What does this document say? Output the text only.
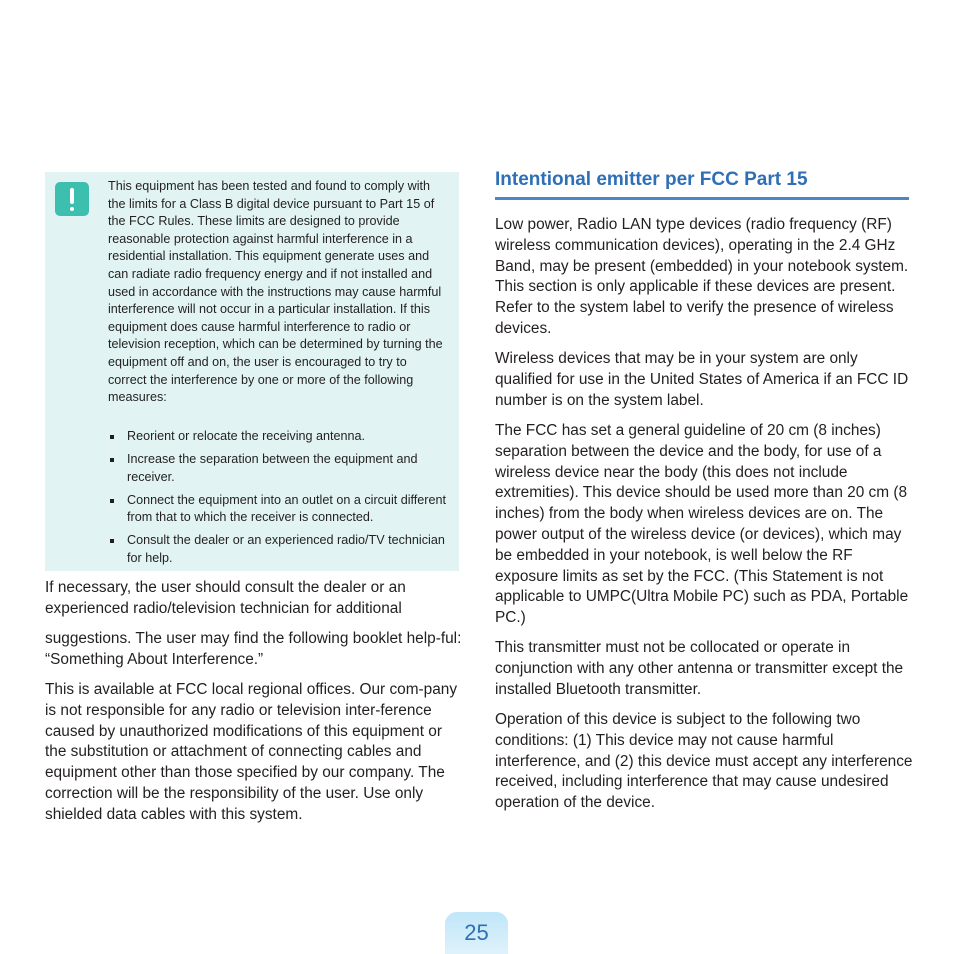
This equipment has been tested and found to comply with the limits for a Class B digital device pursuant to Part 15 of the FCC Rules. These limits are designed to provide reasonable protection against harmful interference in a residential installation. This equipment generate uses and can radiate radio frequency energy and if not installed and used in accordance with the instructions may cause harmful interference will not occur in a particular installation. If this equipment does cause harmful interference to radio or television reception, which can be determined by turning the equipment off and on, the user is encouraged to try to correct the interference by one or more of the following measures:

Reorient or relocate the receiving antenna.
Increase the separation between the equipment and receiver.
Connect the equipment into an outlet on a circuit different from that to which the receiver is connected.
Consult the dealer or an experienced radio/TV technician for help.

If necessary, the user should consult the dealer or an experienced radio/television technician for additional

suggestions. The user may find the following booklet help-ful: “Something About Interference.”

This is available at FCC local regional offices. Our com-pany is not responsible for any radio or television inter-ference caused by unauthorized modifications of this equipment or the substitution or attachment of connecting cables and equipment other than those specified by our company. The correction will be the responsibility of the user. Use only shielded data cables with this system.

Intentional emitter per FCC Part 15

Low power, Radio LAN type devices (radio frequency (RF) wireless communication devices), operating in the 2.4 GHz Band, may be present (embedded) in your notebook system. This section is only applicable if these devices are present. Refer to the system label to verify the presence of wireless devices.

Wireless devices that may be in your system are only qualified for use in the United States of America if an FCC ID number is on the system label.

The FCC has set a general guideline of 20 cm (8 inches) separation between the device and the body, for use of a wireless device near the body (this does not include extremities). This device should be used more than 20 cm (8 inches) from the body when wireless devices are on. The power output of the wireless device (or devices), which may be embedded in your notebook, is well below the RF exposure limits as set by the FCC. (This Statement is not applicable to UMPC(Ultra Mobile PC) such as PDA, Portable PC.)

This transmitter must not be collocated or operate in conjunction with any other antenna or transmitter except the installed Bluetooth transmitter.

Operation of this device is subject to the following two conditions: (1) This device may not cause harmful interference, and (2) this device must accept any interference received, including interference that may cause undesired operation of the device.

25
